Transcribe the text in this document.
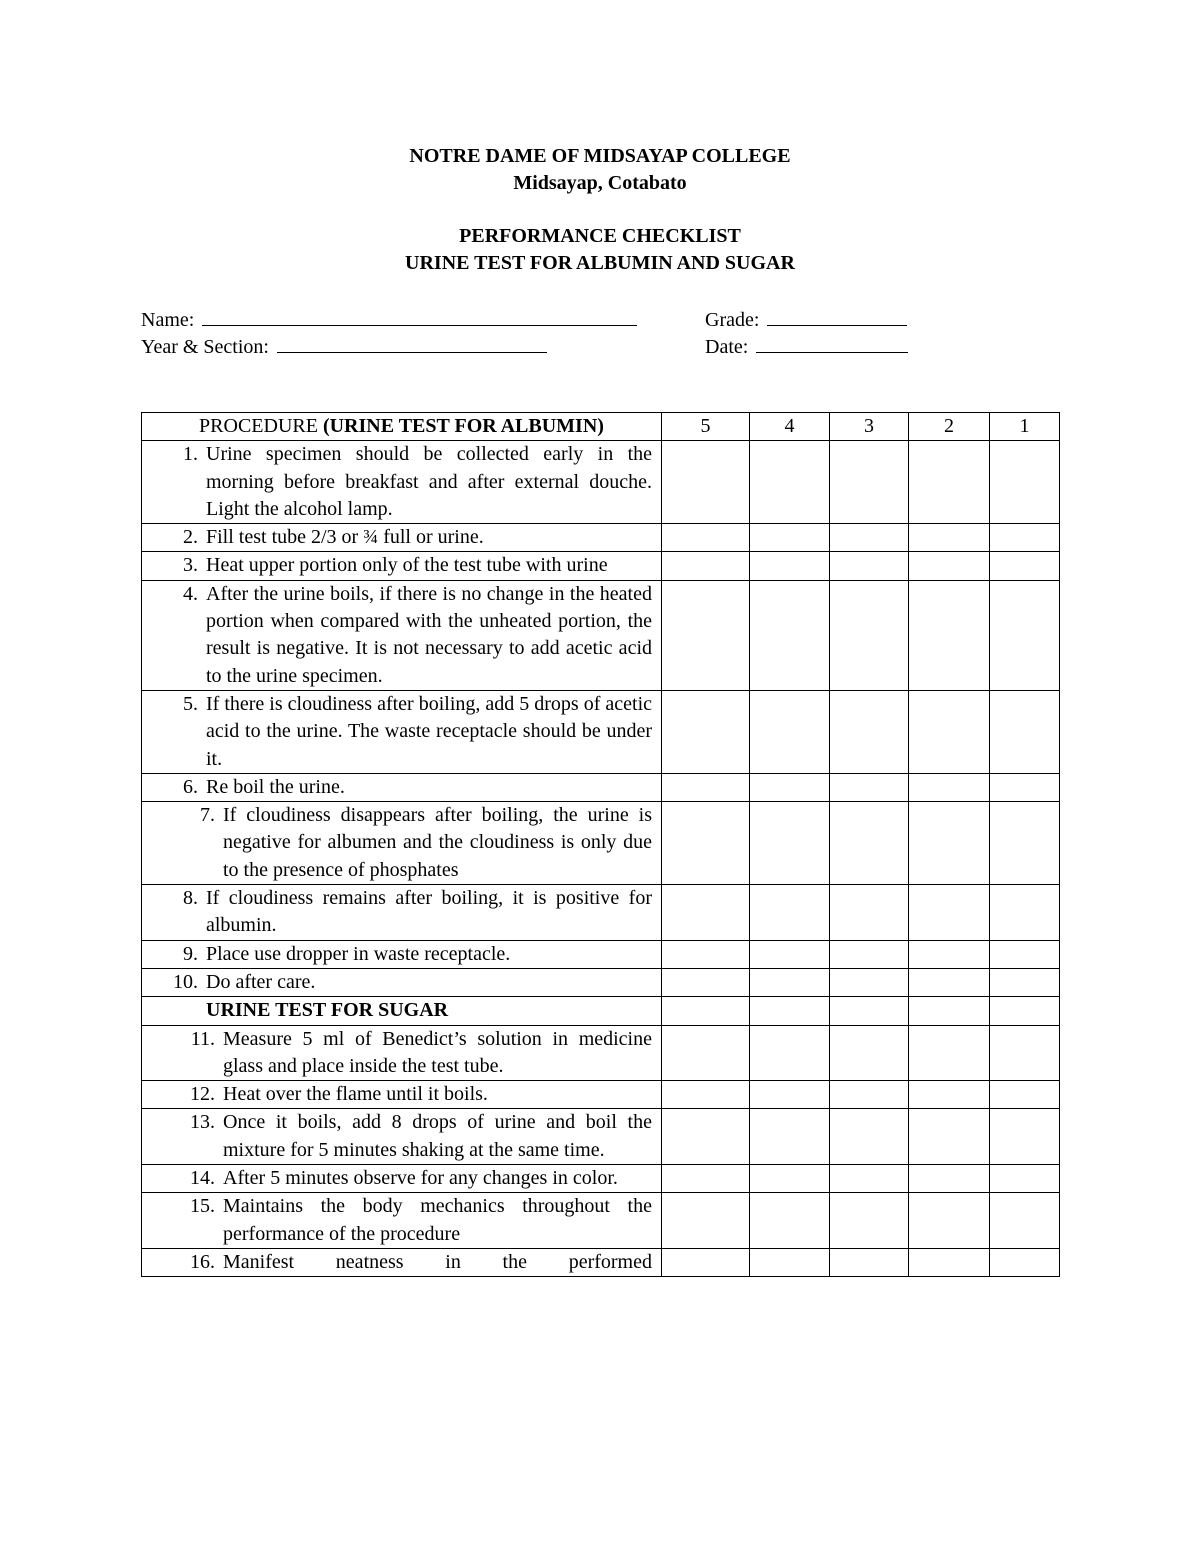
NOTRE DAME OF MIDSAYAP COLLEGE
Midsayap, Cotabato
PERFORMANCE CHECKLIST
URINE TEST FOR ALBUMIN AND SUGAR
Name:	Grade:
Year & Section:	Date:
PROCEDURE (URINE TEST FOR ALBUMIN)	5	4	3	2	1

1. Urine specimen should be collected early in the morning before breakfast and after external douche. Light the alcohol lamp.					

2. Fill test tube 2/3 or ¾ full or urine.					

3. Heat upper portion only of the test tube with urine					

4. After the urine boils, if there is no change in the heated portion when compared with the unheated portion, the result is negative. It is not necessary to add acetic acid to the urine specimen.					

5. If there is cloudiness after boiling, add 5 drops of acetic acid to the urine. The waste receptacle should be under it.					

6. Re boil the urine.					

7. If cloudiness disappears after boiling, the urine is negative for albumen and the cloudiness is only due to the presence of phosphates					

8. If cloudiness remains after boiling, it is positive for albumin.					

9. Place use dropper in waste receptacle.					

10. Do after care.					

URINE TEST FOR SUGAR					

11. Measure 5 ml of Benedict’s solution in medicine glass and place inside the test tube.					

12. Heat over the flame until it boils.					

13. Once it boils, add 8 drops of urine and boil the mixture for 5 minutes shaking at the same time.					

14. After 5 minutes observe for any changes in color.					

15. Maintains the body mechanics throughout the performance of the procedure					

16. Manifest neatness in the performed					
